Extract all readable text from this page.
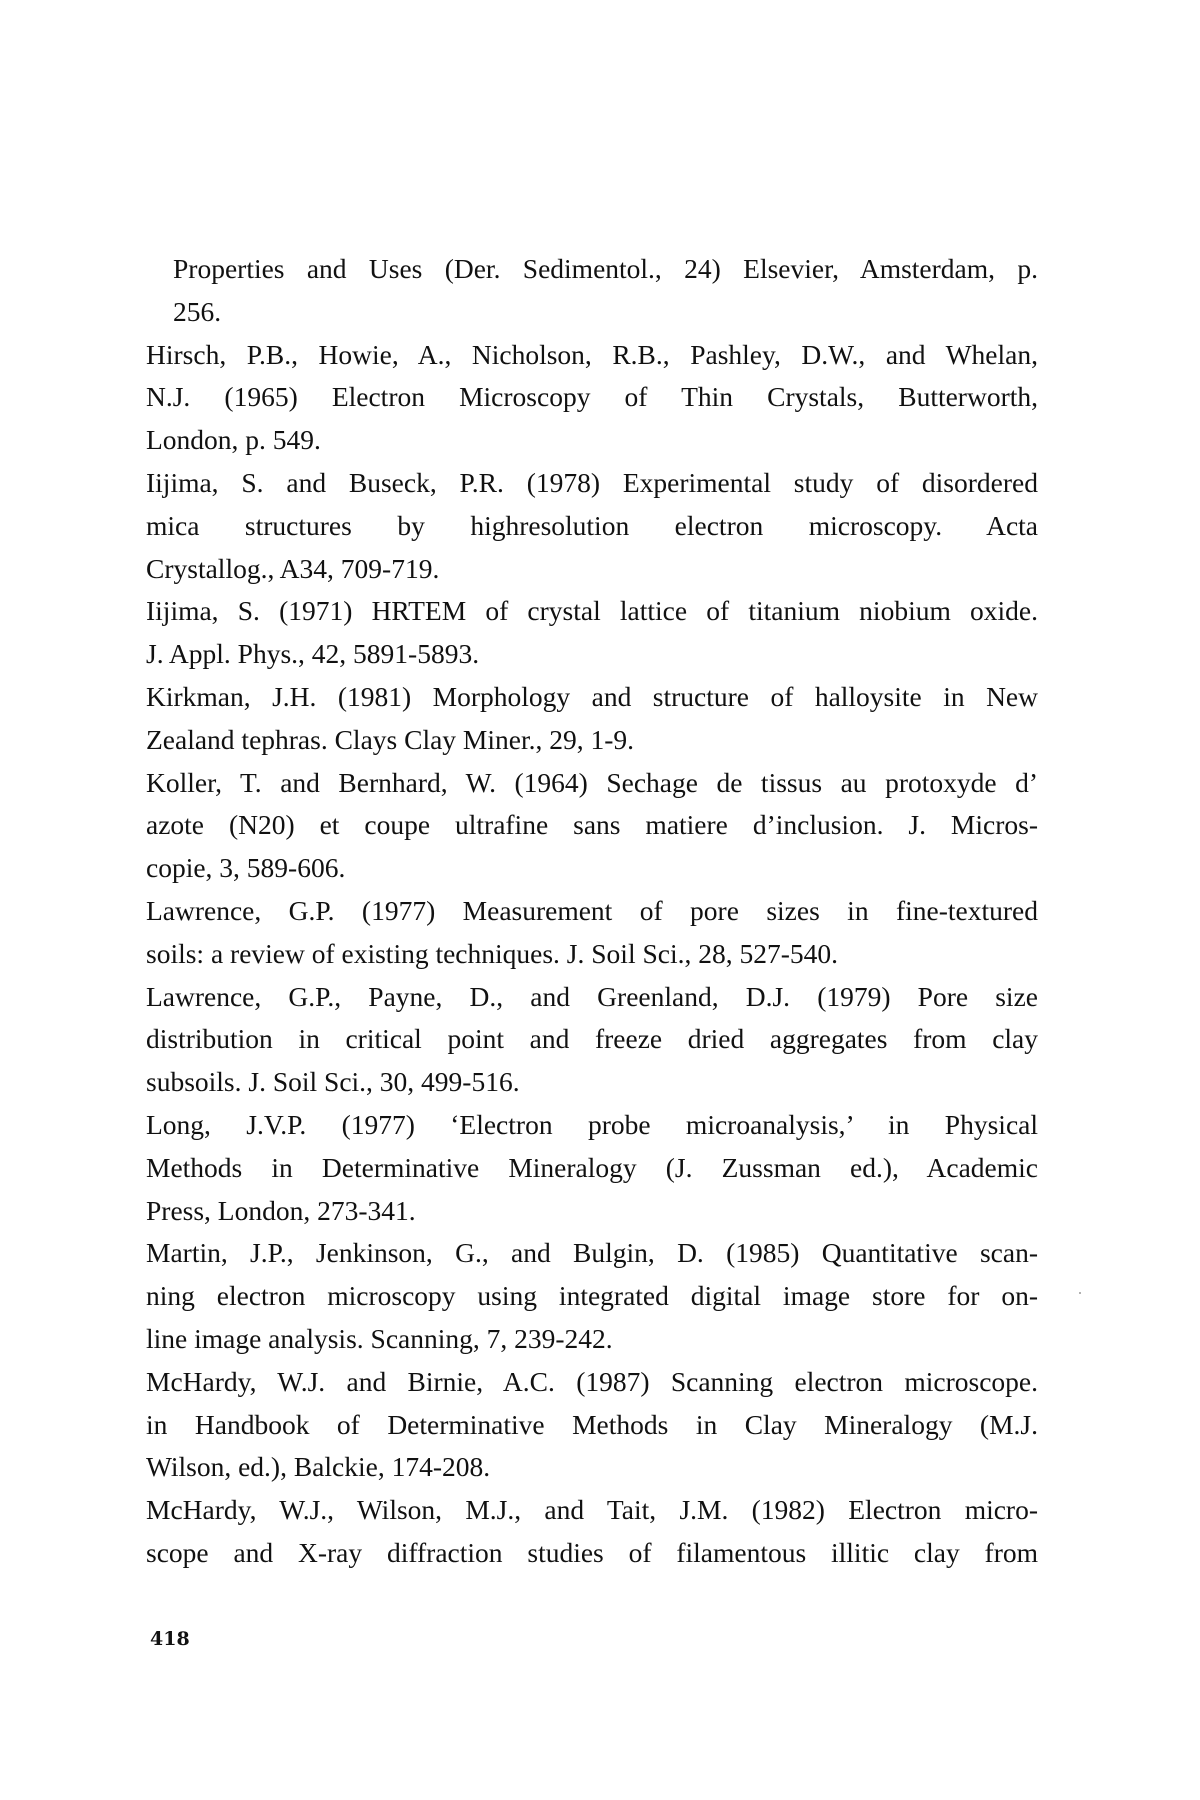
Properties and Uses (Der. Sedimentol., 24) Elsevier, Amsterdam, p.
256.

Hirsch, P.B., Howie, A., Nicholson, R.B., Pashley, D.W., and Whelan,
N.J. (1965) Electron Microscopy of Thin Crystals, Butterworth,
London, p. 549.

Iijima, S. and Buseck, P.R. (1978) Experimental study of disordered
mica structures by highresolution electron microscopy. Acta
Crystallog., A34, 709-719.

Iijima, S. (1971) HRTEM of crystal lattice of titanium niobium oxide.
J. Appl. Phys., 42, 5891-5893.

Kirkman, J.H. (1981) Morphology and structure of halloysite in New
Zealand tephras. Clays Clay Miner., 29, 1-9.

Koller, T. and Bernhard, W. (1964) Sechage de tissus au protoxyde d’
azote (N20) et coupe ultrafine sans matiere d’inclusion. J. Micros-
copie, 3, 589-606.

Lawrence, G.P. (1977) Measurement of pore sizes in fine-textured
soils: a review of existing techniques. J. Soil Sci., 28, 527-540.

Lawrence, G.P., Payne, D., and Greenland, D.J. (1979) Pore size
distribution in critical point and freeze dried aggregates from clay
subsoils. J. Soil Sci., 30, 499-516.

Long, J.V.P. (1977) ‘Electron probe microanalysis,’ in Physical
Methods in Determinative Mineralogy (J. Zussman ed.), Academic
Press, London, 273-341.

Martin, J.P., Jenkinson, G., and Bulgin, D. (1985) Quantitative scan-
ning electron microscopy using integrated digital image store for on-
line image analysis. Scanning, 7, 239-242.

McHardy, W.J. and Birnie, A.C. (1987) Scanning electron microscope.
in Handbook of Determinative Methods in Clay Mineralogy (M.J.
Wilson, ed.), Balckie, 174-208.

McHardy, W.J., Wilson, M.J., and Tait, J.M. (1982) Electron micro-
scope and X-ray diffraction studies of filamentous illitic clay from

418
